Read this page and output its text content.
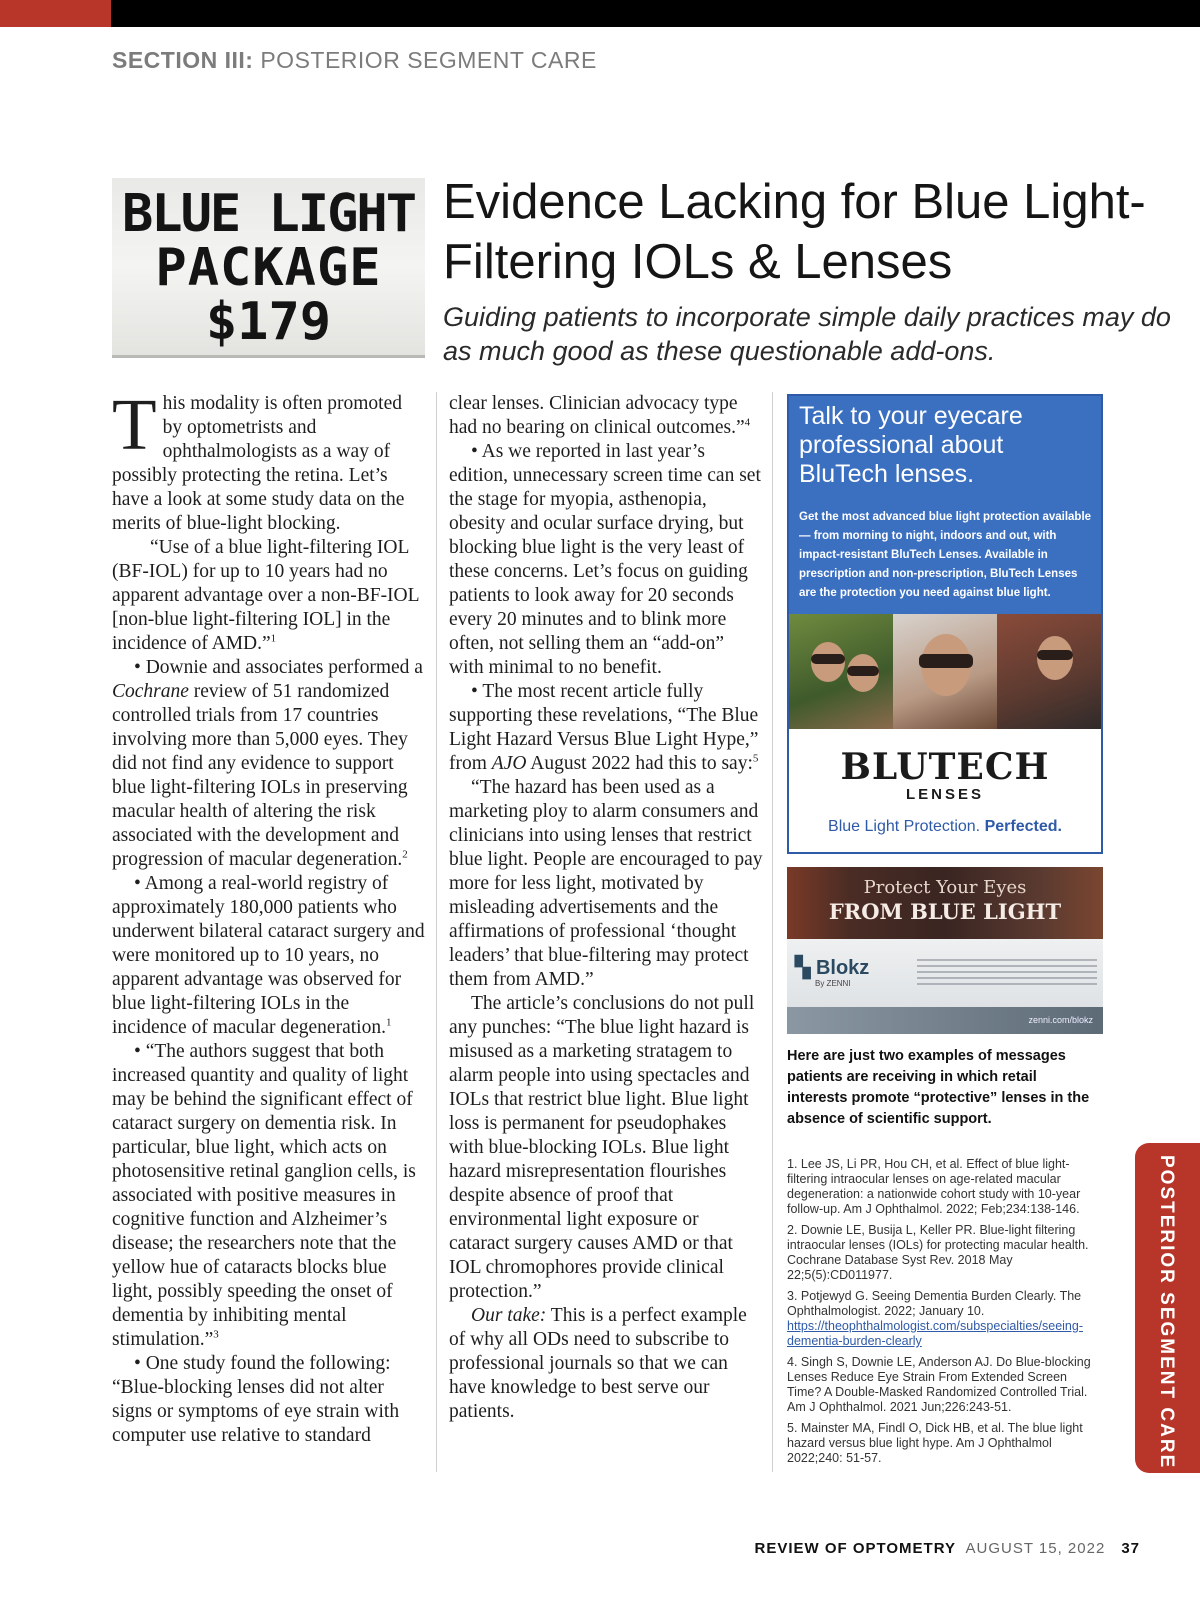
SECTION III: POSTERIOR SEGMENT CARE
BLUE LIGHT
PACKAGE
$179
Evidence Lacking for Blue Light-Filtering IOLs & Lenses
Guiding patients to incorporate simple daily practices may do as much good as these questionable add-ons.

This modality is often promoted by optometrists and ophthalmologists as a way of possibly protecting the retina. Let’s have a look at some study data on the merits of blue-light blocking.

“Use of a blue light-filtering IOL (BF-IOL) for up to 10 years had no apparent advantage over a non-BF-IOL [non-blue light-filtering IOL] in the incidence of AMD.”$^1$

• Downie and associates performed a Cochrane review of 51 randomized controlled trials from 17 countries involving more than 5,000 eyes. They did not find any evidence to support blue light-filtering IOLs in preserving macular health of altering the risk associated with the development and progression of macular degeneration.$^2$

• Among a real-world registry of approximately 180,000 patients who underwent bilateral cataract surgery and were monitored up to 10 years, no apparent advantage was observed for blue light-filtering IOLs in the incidence of macular degeneration.$^1$

• “The authors suggest that both increased quantity and quality of light may be behind the significant effect of cataract surgery on dementia risk. In particular, blue light, which acts on photosensitive retinal ganglion cells, is associated with positive measures in cognitive function and Alzheimer’s disease; the researchers note that the yellow hue of cataracts blocks blue light, possibly speeding the onset of dementia by inhibiting mental stimulation.”$^3$

• One study found the following: “Blue-blocking lenses did not alter signs or symptoms of eye strain with computer use relative to standard

clear lenses. Clinician advocacy type had no bearing on clinical outcomes.”$^4$

• As we reported in last year’s edition, unnecessary screen time can set the stage for myopia, asthenopia, obesity and ocular surface drying, but blocking blue light is the very least of these concerns. Let’s focus on guiding patients to look away for 20 seconds every 20 minutes and to blink more often, not selling them an “add-on” with minimal to no benefit.

• The most recent article fully supporting these revelations, “The Blue Light Hazard Versus Blue Light Hype,” from AJO August 2022 had this to say:$^5$

“The hazard has been used as a marketing ploy to alarm consumers and clinicians into using lenses that restrict blue light. People are encouraged to pay more for less light, motivated by misleading advertisements and the affirmations of professional ‘thought leaders’ that blue-filtering may protect them from AMD.”

The article’s conclusions do not pull any punches: “The blue light hazard is misused as a marketing stratagem to alarm people into using spectacles and IOLs that restrict blue light. Blue light loss is permanent for pseudophakes with blue-blocking IOLs. Blue light hazard misrepresentation flourishes despite absence of proof that environmental light exposure or cataract surgery causes AMD or that IOL chromophores provide clinical protection.”

Our take: This is a perfect example of why all ODs need to subscribe to professional journals so that we can have knowledge to best serve our patients.

Talk to your eyecare professional about BluTech lenses.
Get the most advanced blue light protection available — from morning to night, indoors and out, with impact-resistant BluTech Lenses. Available in prescription and non-prescription, BluTech Lenses are the protection you need against blue light.
BLUTECH
LENSES
Blue Light Protection. Perfected.
Protect Your Eyes
FROM BLUE LIGHT
▚ Blokz
By ZENNI
zenni.com/blokz
Here are just two examples of messages patients are receiving in which retail interests promote “protective” lenses in the absence of scientific support.

1. Lee JS, Li PR, Hou CH, et al. Effect of blue light-filtering intraocular lenses on age-related macular degeneration: a nationwide cohort study with 10-year follow-up. Am J Ophthalmol. 2022; Feb;234:138-146.

2. Downie LE, Busija L, Keller PR. Blue-light filtering intraocular lenses (IOLs) for protecting macular health. Cochrane Database Syst Rev. 2018 May 22;5(5):CD011977.

3. Potjewyd G. Seeing Dementia Burden Clearly. The Ophthalmologist. 2022; January 10. https://theophthalmologist.com/subspecialties/seeing-dementia-burden-clearly

4. Singh S, Downie LE, Anderson AJ. Do Blue-blocking Lenses Reduce Eye Strain From Extended Screen Time? A Double-Masked Randomized Controlled Trial. Am J Ophthalmol. 2021 Jun;226:243-51.

5. Mainster MA, Findl O, Dick HB, et al. The blue light hazard versus blue light hype. Am J Ophthalmol 2022;240: 51-57.	POSTERIOR SEGMENT CARE
REVIEW OF OPTOMETRY AUGUST 15, 2022 37
